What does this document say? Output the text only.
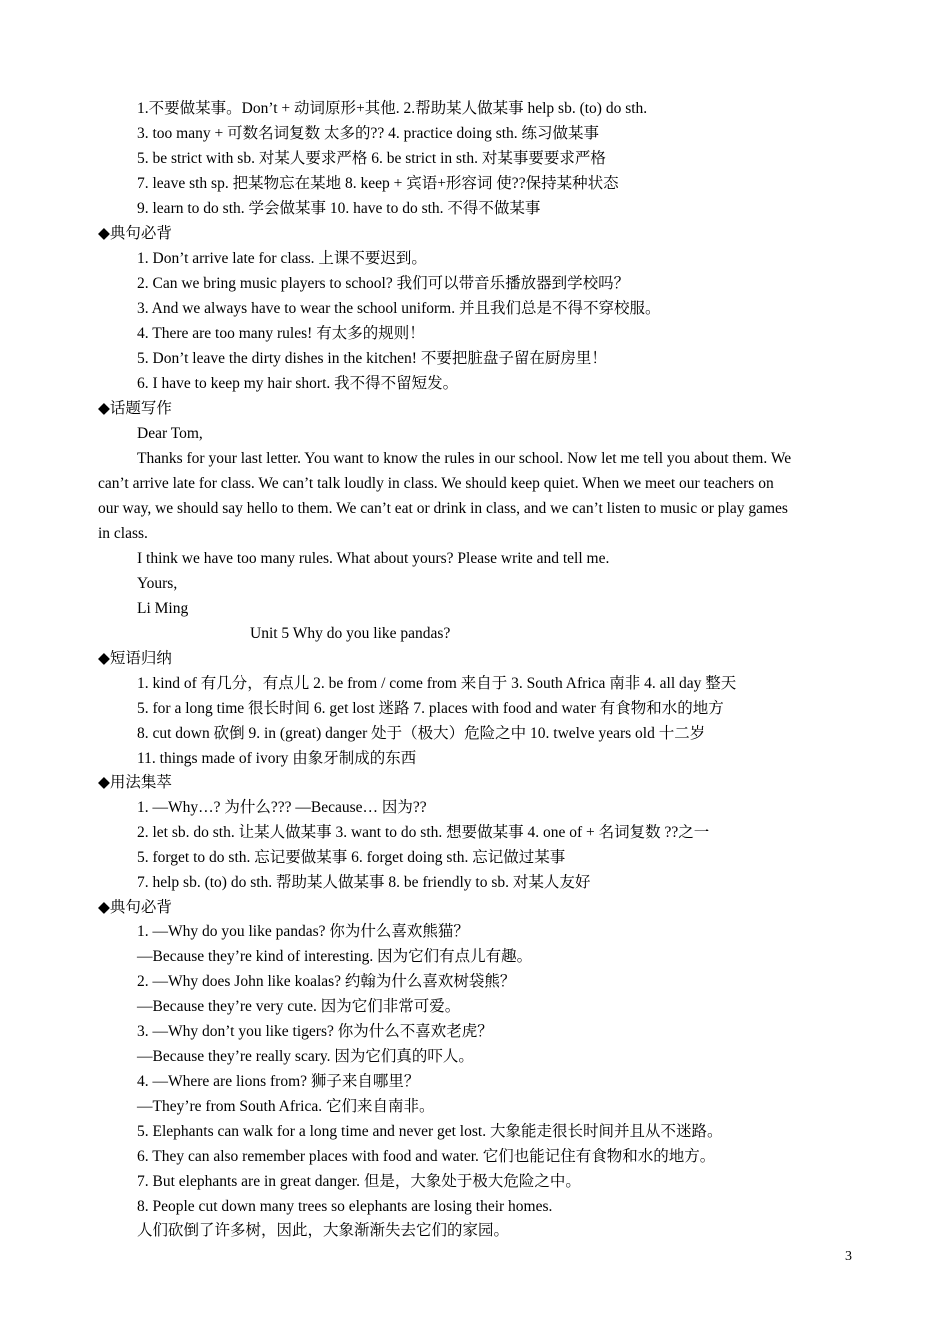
1.不要做某事。Don’t + 动词原形+其他. 2.帮助某人做某事 help sb. (to) do sth.
3. too many + 可数名词复数 太多的?? 4. practice doing sth. 练习做某事
5. be strict with sb. 对某人要求严格 6. be strict in sth. 对某事要要求严格
7. leave sth sp. 把某物忘在某地 8. keep + 宾语+形容词 使??保持某种状态
9. learn to do sth. 学会做某事 10. have to do sth. 不得不做某事
◆典句必背
1. Don’t arrive late for class. 上课不要迟到。
2. Can we bring music players to school? 我们可以带音乐播放器到学校吗？
3. And we always have to wear the school uniform. 并且我们总是不得不穿校服。
4. There are too many rules! 有太多的规则！
5. Don’t leave the dirty dishes in the kitchen! 不要把脏盘子留在厨房里！
6. I have to keep my hair short. 我不得不留短发。
◆话题写作
Dear Tom,
Thanks for your last letter. You want to know the rules in our school. Now let me tell you about them. We
can’t arrive late for class. We can’t talk loudly in class. We should keep quiet. When we meet our teachers on
our way, we should say hello to them. We can’t eat or drink in class, and we can’t listen to music or play games
in class.
I think we have too many rules. What about yours? Please write and tell me.
Yours,
Li Ming
Unit 5 Why do you like pandas?
◆短语归纳
1. kind of 有几分，有点儿 2. be from / come from 来自于 3. South Africa 南非 4. all day 整天
5. for a long time 很长时间 6. get lost 迷路 7. places with food and water 有食物和水的地方
8. cut down 砍倒 9. in (great) danger 处于（极大）危险之中 10. twelve years old 十二岁
11. things made of ivory 由象牙制成的东西
◆用法集萃
1. —Why…? 为什么??? —Because… 因为??
2. let sb. do sth. 让某人做某事 3. want to do sth. 想要做某事 4. one of + 名词复数 ??之一
5. forget to do sth. 忘记要做某事 6. forget doing sth. 忘记做过某事
7. help sb. (to) do sth. 帮助某人做某事 8. be friendly to sb. 对某人友好
◆典句必背
1. —Why do you like pandas? 你为什么喜欢熊猫？
—Because they’re kind of interesting. 因为它们有点儿有趣。
2. —Why does John like koalas? 约翰为什么喜欢树袋熊？
—Because they’re very cute. 因为它们非常可爱。
3. —Why don’t you like tigers? 你为什么不喜欢老虎？
—Because they’re really scary. 因为它们真的吓人。
4. —Where are lions from? 狮子来自哪里？
—They’re from South Africa. 它们来自南非。
5. Elephants can walk for a long time and never get lost. 大象能走很长时间并且从不迷路。
6. They can also remember places with food and water. 它们也能记住有食物和水的地方。
7. But elephants are in great danger. 但是，大象处于极大危险之中。
8. People cut down many trees so elephants are losing their homes.
人们砍倒了许多树，因此，大象渐渐失去它们的家园。
3
